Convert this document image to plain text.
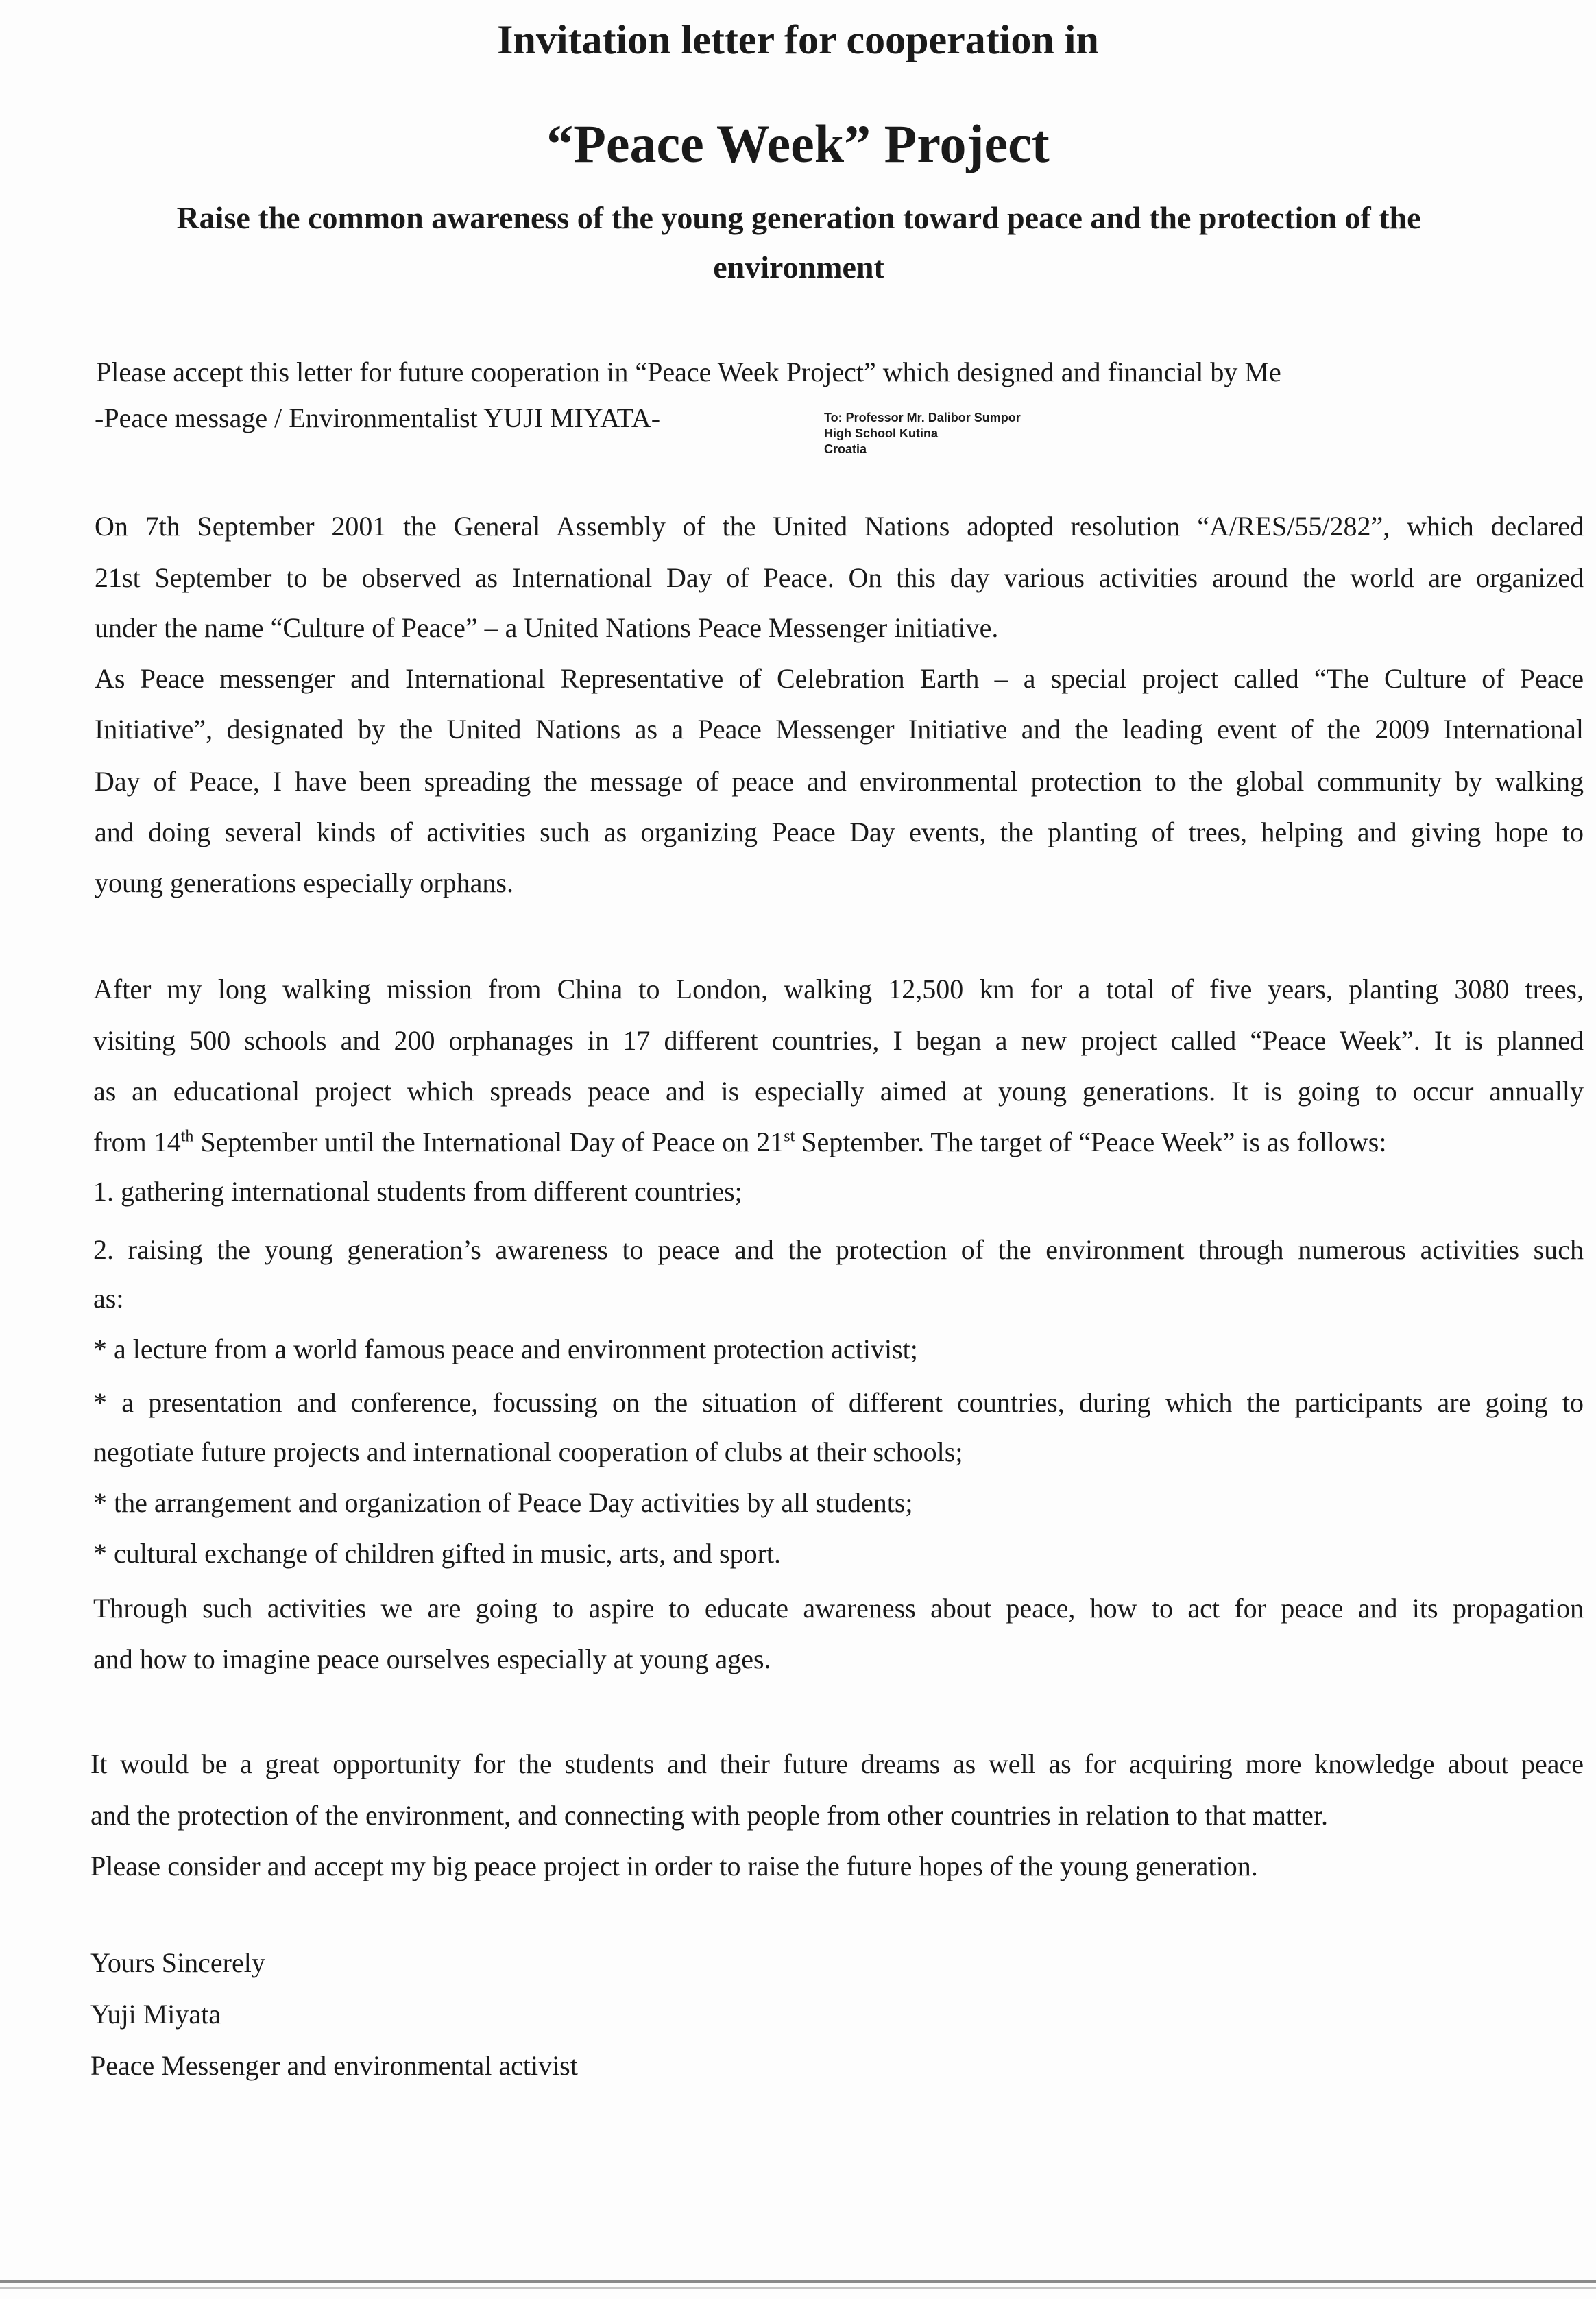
Invitation letter for cooperation in
“Peace Week” Project
Raise the common awareness of the young generation toward peace and the protection of the environment
Please accept this letter for future cooperation in “Peace Week Project” which designed and financial by Me
-Peace message / Environmentalist YUJI MIYATA-	To: Professor Mr. Dalibor Sumpor
High School Kutina
Croatia
On 7th September 2001 the General Assembly of the United Nations adopted resolution “A/RES/55/282”, which declared
21st September to be observed as International Day of Peace. On this day various activities around the world are organized
under the name “Culture of Peace” – a United Nations Peace Messenger initiative.
As Peace messenger and International Representative of Celebration Earth – a special project called “The Culture of Peace
Initiative”, designated by the United Nations as a Peace Messenger Initiative and the leading event of the 2009 International
Day of Peace, I have been spreading the message of peace and environmental protection to the global community by walking
and doing several kinds of activities such as organizing Peace Day events, the planting of trees, helping and giving hope to
young generations especially orphans.
After my long walking mission from China to London, walking 12,500 km for a total of five years, planting 3080 trees,
visiting 500 schools and 200 orphanages in 17 different countries, I began a new project called “Peace Week”. It is planned
as an educational project which spreads peace and is especially aimed at young generations. It is going to occur annually
from 14th September until the International Day of Peace on 21st September. The target of “Peace Week” is as follows:
1. gathering international students from different countries;
2. raising the young generation’s awareness to peace and the protection of the environment through numerous activities such
as:
* a lecture from a world famous peace and environment protection activist;
* a presentation and conference, focussing on the situation of different countries, during which the participants are going to
negotiate future projects and international cooperation of clubs at their schools;
* the arrangement and organization of Peace Day activities by all students;
* cultural exchange of children gifted in music, arts, and sport.
Through such activities we are going to aspire to educate awareness about peace, how to act for peace and its propagation
and how to imagine peace ourselves especially at young ages.
It would be a great opportunity for the students and their future dreams as well as for acquiring more knowledge about peace
and the protection of the environment, and connecting with people from other countries in relation to that matter.
Please consider and accept my big peace project in order to raise the future hopes of the young generation.
Yours Sincerely
Yuji Miyata
Peace Messenger and environmental activist
